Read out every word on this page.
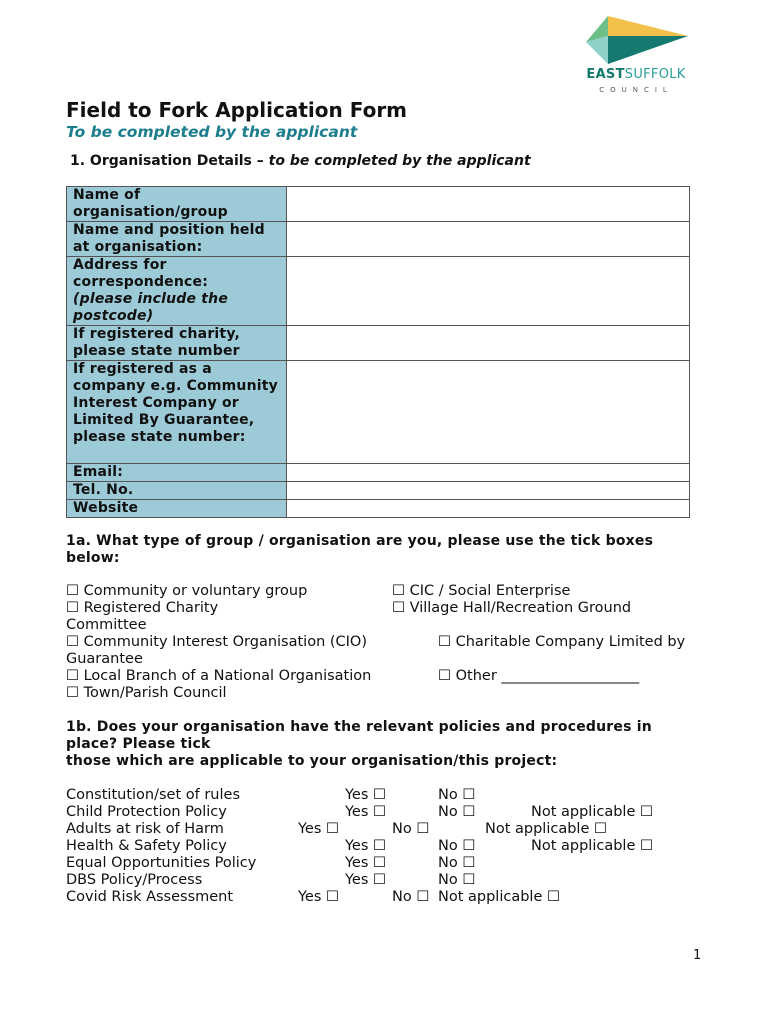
EASTSUFFOLK
COUNCIL
Field to Fork Application Form
To be completed by the applicant
1. Organisation Details – to be completed by the applicant
Name of organisation/group	
Name and position held at organisation:	
Address for correspondence:
(please include the postcode)	
If registered charity, please state number	
If registered as a company e.g. Community Interest Company or Limited By Guarantee, please state number:	
Email:	
Tel. No.	
Website	
1a. What type of group / organisation are you, please use the tick boxes below:
☐ Community or voluntary group	☐ CIC / Social Enterprise
☐ Registered Charity	☐ Village Hall/Recreation Ground
Committee
☐ Community Interest Organisation (CIO)	☐ Charitable Company Limited by
Guarantee
☐ Local Branch of a National Organisation	☐ Other ___________________
☐ Town/Parish Council
1b. Does your organisation have the relevant policies and procedures in
place? Please tick
those which are applicable to your organisation/this project:
Constitution/set of rules	Yes ☐	No ☐
Child Protection Policy	Yes ☐	No ☐	Not applicable ☐
Adults at risk of Harm	Yes ☐	No ☐	Not applicable ☐
Health & Safety Policy	Yes ☐	No ☐	Not applicable ☐
Equal Opportunities Policy	Yes ☐	No ☐
DBS Policy/Process	Yes ☐	No ☐
Covid Risk Assessment	Yes ☐	No ☐ Not applicable ☐
1
